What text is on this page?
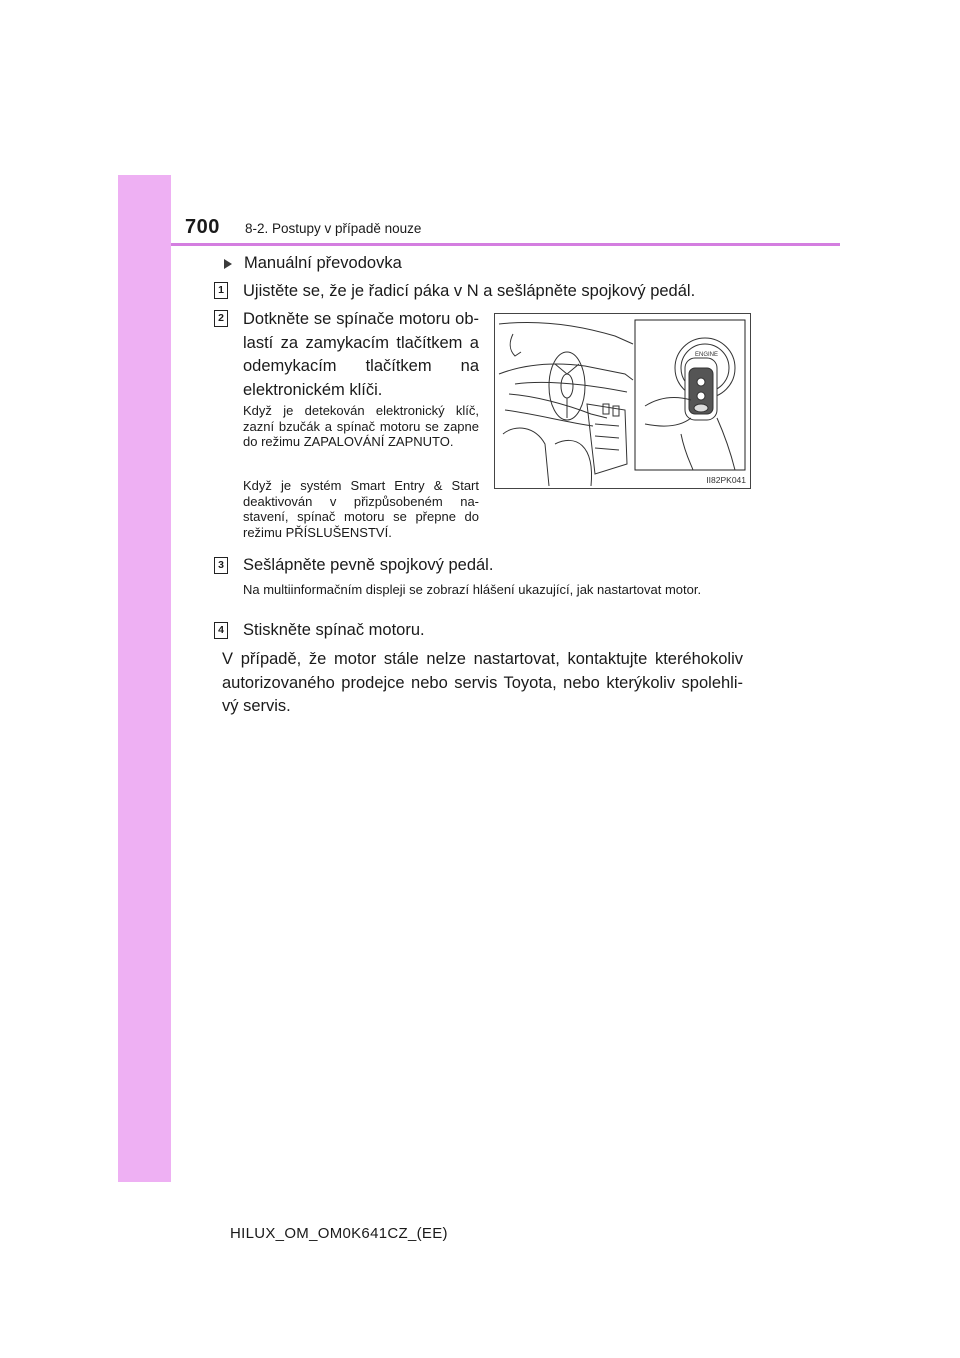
700 8-2. Postupy v případě nouze
Manuální převodovka
1 Ujistěte se, že je řadicí páka v N a sešlápněte spojkový pedál.
2 Dotkněte se spínače motoru ob-lastí za zamykacím tlačítkem a odemykacím tlačítkem na elektronickém klíči.
Když je detekován elektronický klíč, zazní bzučák a spínač motoru se zapne do režimu ZAPALOVÁNÍ ZAPNUTO.
Když je systém Smart Entry & Start deaktivován v přizpůsobeném na-stavení, spínač motoru se přepne do režimu PŘÍSLUŠENSTVÍ.
ENGINE
II82PK041
3 Sešlápněte pevně spojkový pedál.
Na multiinformačním displeji se zobrazí hlášení ukazující, jak nastartovat motor.
4 Stiskněte spínač motoru.
V případě, že motor stále nelze nastartovat, kontaktujte kteréhokoliv autorizovaného prodejce nebo servis Toyota, nebo kterýkoliv spolehli-vý servis.
HILUX_OM_OM0K641CZ_(EE)
